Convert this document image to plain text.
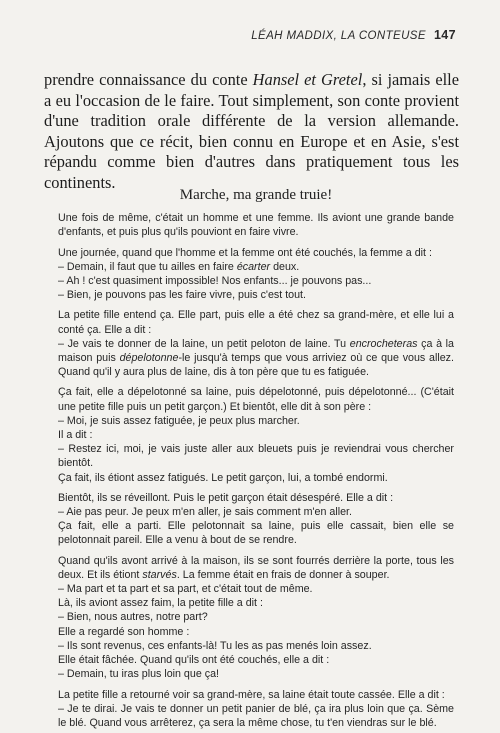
LÉAH MADDIX, LA CONTEUSE 147

prendre connaissance du conte Hansel et Gretel, si jamais elle a eu l'occasion de le faire. Tout simplement, son conte provient d'une tradition orale différente de la version allemande. Ajoutons que ce récit, bien connu en Europe et en Asie, s'est répandu comme bien d'autres dans pratiquement tous les continents.

Marche, ma grande truie!

Une fois de même, c'était un homme et une femme. Ils aviont une grande bande d'enfants, et puis plus qu'ils pouviont en faire vivre.

Une journée, quand que l'homme et la femme ont été couchés, la femme a dit :

– Demain, il faut que tu ailles en faire écarter deux.

– Ah ! c'est quasiment impossible! Nos enfants... je pouvons pas...

– Bien, je pouvons pas les faire vivre, puis c'est tout.

La petite fille entend ça. Elle part, puis elle a été chez sa grand-mère, et elle lui a conté ça. Elle a dit :

– Je vais te donner de la laine, un petit peloton de laine. Tu encrocheteras ça à la maison puis dépelotonne-le jusqu'à temps que vous arriviez où ce que vous allez. Quand qu'il y aura plus de laine, dis à ton père que tu es fatiguée.

Ça fait, elle a dépelotonné sa laine, puis dépelotonné, puis dépelotonné... (C'était une petite fille puis un petit garçon.) Et bientôt, elle dit à son père :

– Moi, je suis assez fatiguée, je peux plus marcher.

Il a dit :

– Restez ici, moi, je vais juste aller aux bleuets puis je reviendrai vous chercher bientôt.

Ça fait, ils étiont assez fatigués. Le petit garçon, lui, a tombé endormi.

Bientôt, ils se réveillont. Puis le petit garçon était désespéré. Elle a dit :

– Aie pas peur. Je peux m'en aller, je sais comment m'en aller.

Ça fait, elle a parti. Elle pelotonnait sa laine, puis elle cassait, bien elle se pelotonnait pareil. Elle a venu à bout de se rendre.

Quand qu'ils avont arrivé à la maison, ils se sont fourrés derrière la porte, tous les deux. Et ils étiont starvés. La femme était en frais de donner à souper.

– Ma part et ta part et sa part, et c'était tout de même.

Là, ils aviont assez faim, la petite fille a dit :

– Bien, nous autres, notre part?

Elle a regardé son homme :

– Ils sont revenus, ces enfants-là! Tu les as pas menés loin assez.

Elle était fâchée. Quand qu'ils ont été couchés, elle a dit :

– Demain, tu iras plus loin que ça!

La petite fille a retourné voir sa grand-mère, sa laine était toute cassée. Elle a dit :

– Je te dirai. Je vais te donner un petit panier de blé, ça ira plus loin que ça. Sème le blé. Quand vous arrêterez, ça sera la même chose, tu t'en viendras sur le blé.
